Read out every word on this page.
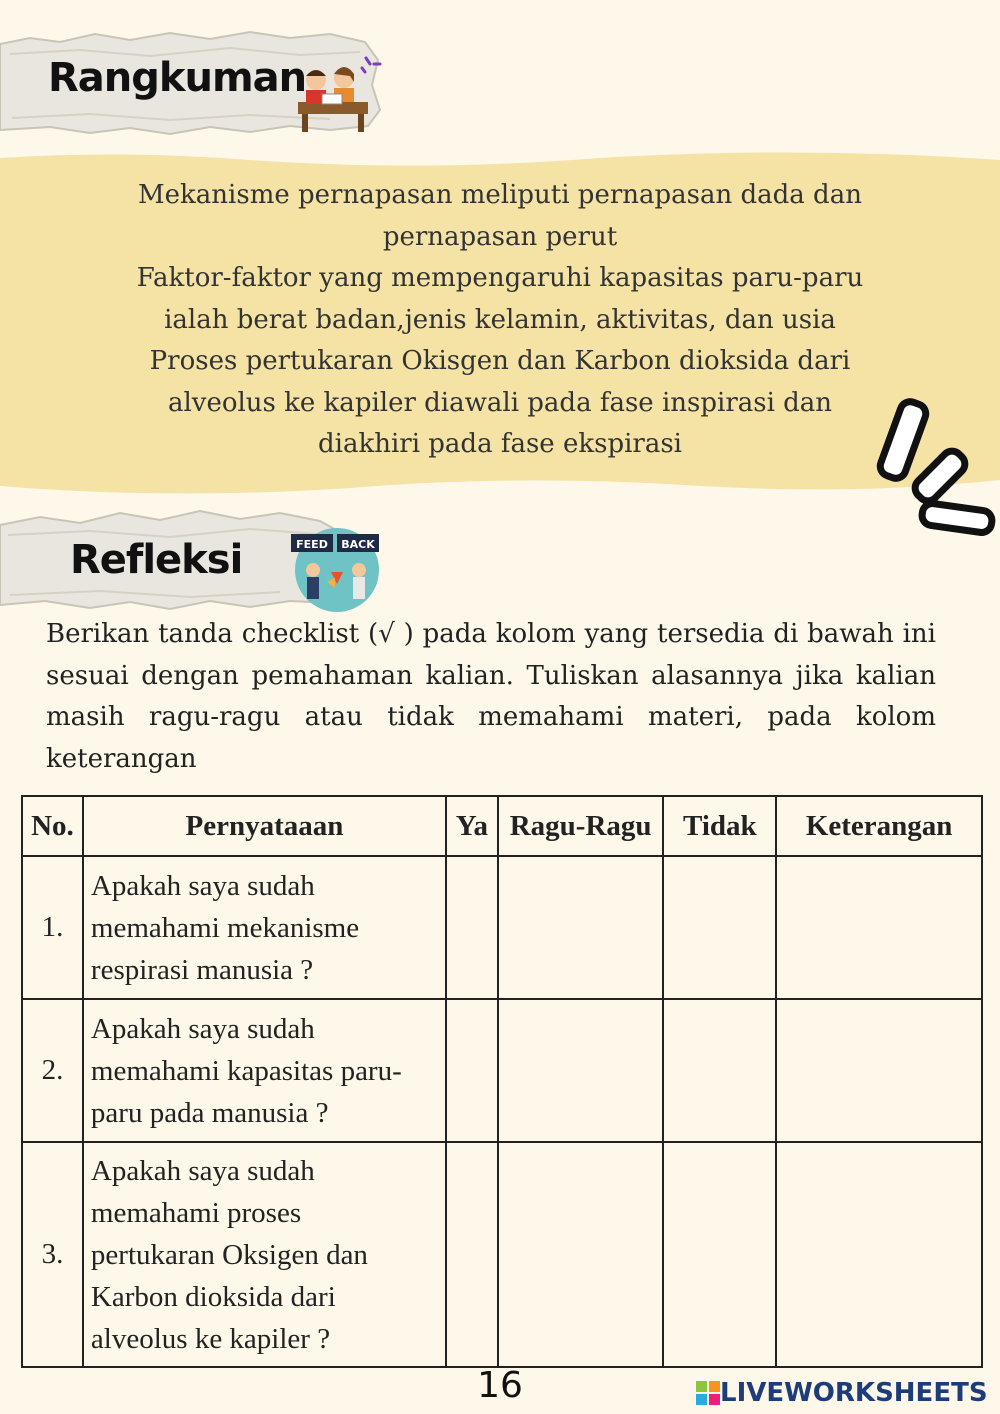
Rangkuman

Mekanisme pernapasan meliputi pernapasan dada dan

pernapasan perut

Faktor-faktor yang mempengaruhi kapasitas paru-paru

ialah berat badan,jenis kelamin, aktivitas, dan usia

Proses pertukaran Okisgen dan Karbon dioksida dari

alveolus ke kapiler diawali pada fase inspirasi dan

diakhiri pada fase ekspirasi

Refleksi	FEED BACK
Berikan tanda checklist (√ ) pada kolom yang tersedia di bawah ini sesuai dengan pemahaman kalian. Tuliskan alasannya jika kalian masih ragu-ragu atau tidak memahami materi, pada kolom keterangan
No.	Pernyataaan	Ya	Ragu-Ragu	Tidak	Keterangan
1.	Apakah saya sudah
memahami mekanisme
respirasi manusia ?				

2.	Apakah saya sudah
memahami kapasitas paru-
paru pada manusia ?				

3.	Apakah saya sudah
memahami proses
pertukaran Oksigen dan
Karbon dioksida dari
alveolus ke kapiler ?				

16	LIVEWORKSHEETS
